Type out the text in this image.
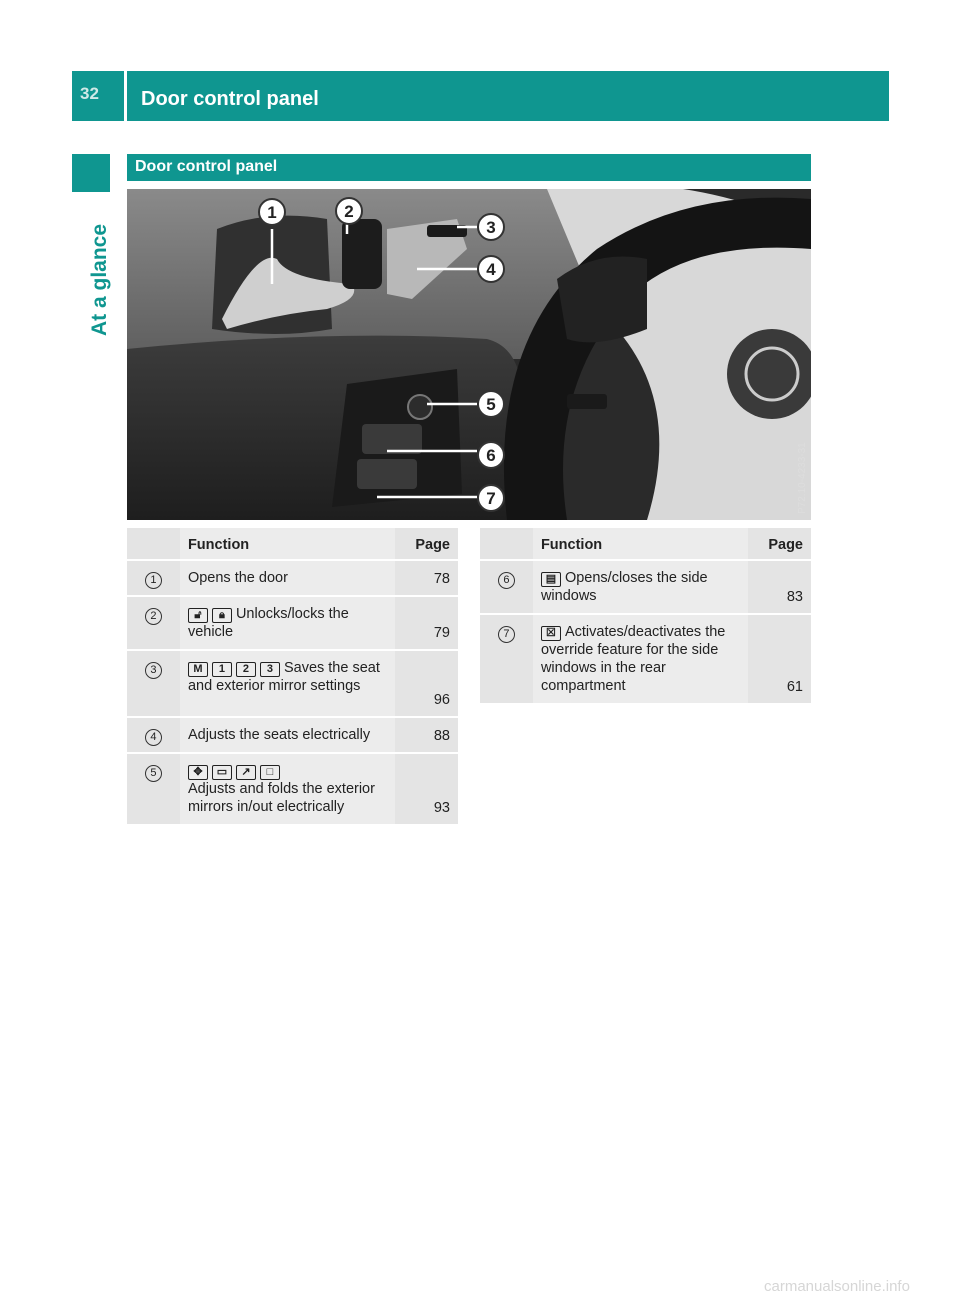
32 Door control panel
At a glance
Door control panel
1	2
3
4
5
6
7	P72.10-4233-31
	Function	Page
1	Opens the door	78
2	🔓︎ 🔒︎ Unlocks/locks the vehicle	79
3	M 1 2 3 Saves the seat and exterior mirror settings	96
4	Adjusts the seats electrically	88
5	✥ ▭ ↗ □
Adjusts and folds the exterior mirrors in/out electrically	93
	Function	Page
6	▤ Opens/closes the side windows	83
7	☒ Activates/deactivates the override feature for the side windows in the rear compartment	61
carmanualsonline.info
